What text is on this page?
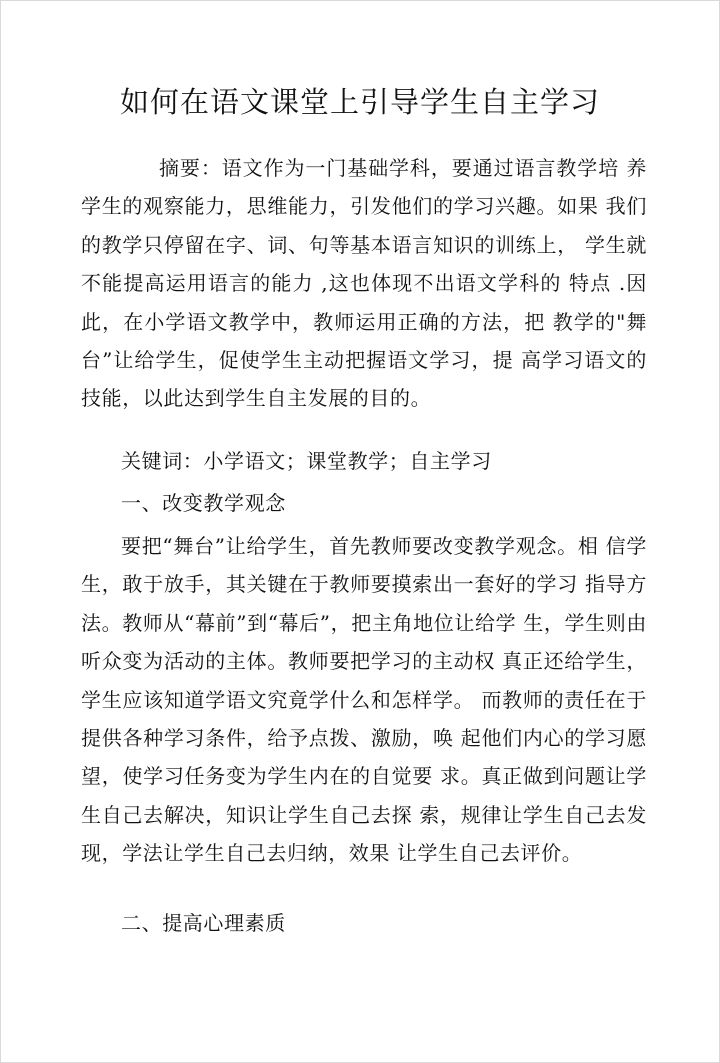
如何在语文课堂上引导学生自主学习

摘要：语文作为一门基础学科，要通过语言教学培 养学生的观察能力，思维能力，引发他们的学习兴趣。如果 我们的教学只停留在字、词、句等基本语言知识的训练上， 学生就不能提高运用语言的能力 ,这也体现不出语文学科的 特点 .因此，在小学语文教学中，教师运用正确的方法，把 教学的"舞台”让给学生，促使学生主动把握语文学习，提 高学习语文的技能，以此达到学生自主发展的目的。

关键词：小学语文；课堂教学；自主学习

一、改变教学观念

要把“舞台”让给学生，首先教师要改变教学观念。相 信学生，敢于放手，其关键在于教师要摸索出一套好的学习 指导方法。教师从“幕前”到“幕后”，把主角地位让给学 生，学生则由听众变为活动的主体。教师要把学习的主动权 真正还给学生，学生应该知道学语文究竟学什么和怎样学。 而教师的责任在于提供各种学习条件，给予点拨、激励，唤 起他们内心的学习愿望，使学习任务变为学生内在的自觉要 求。真正做到问题让学生自己去解决，知识让学生自己去探 索，规律让学生自己去发现，学法让学生自己去归纳，效果 让学生自己去评价。

二、提高心理素质
